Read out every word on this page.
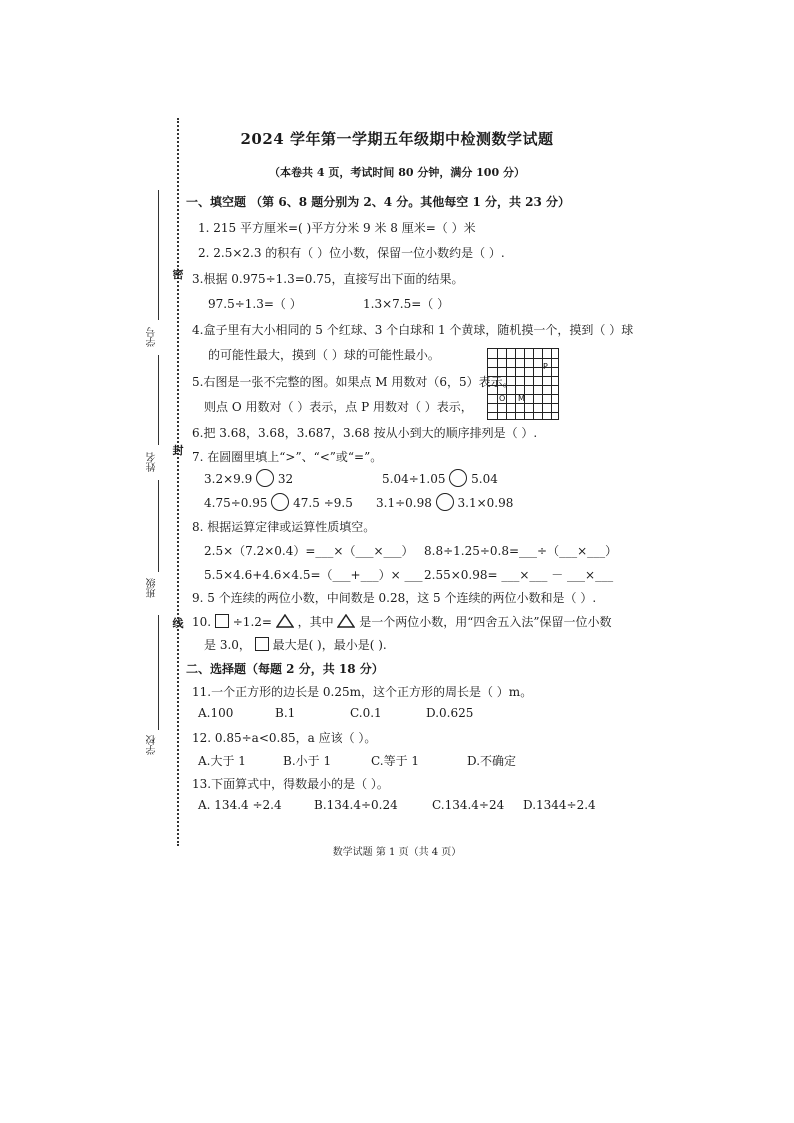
密
封
线
学号
姓名
班级
学校
2024 学年第一学期五年级期中检测数学试题
（本卷共 4 页，考试时间 80 分钟，满分 100 分）
一、填空题 （第 6、8 题分别为 2、4 分。其他每空 1 分，共 23 分）
1. 215 平方厘米=( )平方分米 9 米 8 厘米=（ ）米
2. 2.5×2.3 的积有（ ）位小数，保留一位小数约是（ ）.
3.根据 0.975÷1.3=0.75，直接写出下面的结果。
97.5÷1.3=（ ）	1.3×7.5=（ ）
4.盒子里有大小相同的 5 个红球、3 个白球和 1 个黄球，随机摸一个，摸到（ ）球
的可能性最大，摸到（ ）球的可能性最小。
5.右图是一张不完整的图。如果点 M 用数对（6，5）表示。
则点 O 用数对（ ）表示，点 P 用数对（ ）表示，
P
O M
6.把 3.68，3.68，3.687，3.68 按从小到大的顺序排列是（ ）.
7. 在圆圈里填上“>”、“<”或“=”。
3.2×9.9 32	5.04÷1.05 5.04
4.75÷0.95 47.5 ÷9.5 3.1÷0.98 3.1×0.98
8. 根据运算定律或运算性质填空。
2.5×（7.2×0.4）=___×（___×___） 8.8÷1.25÷0.8=___÷（___×___）
5.5×4.6+4.6×4.5=（___+___）× ___ 2.55×0.98= ___×___ － ___×___
9. 5 个连续的两位小数，中间数是 0.28，这 5 个连续的两位小数和是（ ）.
10. ÷1.2= ，其中 是一个两位小数，用“四舍五入法”保留一位小数
是 3.0， 最大是( )，最小是( ).
二、选择题（每题 2 分，共 18 分）
11.一个正方形的边长是 0.25m，这个正方形的周长是（ ）m。
A.100	B.1	C.0.1	D.0.625
12. 0.85÷a<0.85，a 应该（ ）。
A.大于 1	B.小于 1	C.等于 1	D.不确定
13.下面算式中，得数最小的是（ ）。
A. 134.4 ÷2.4	B.134.4÷0.24	C.134.4÷24 D.1344÷2.4
数学试题 第 1 页（共 4 页）
